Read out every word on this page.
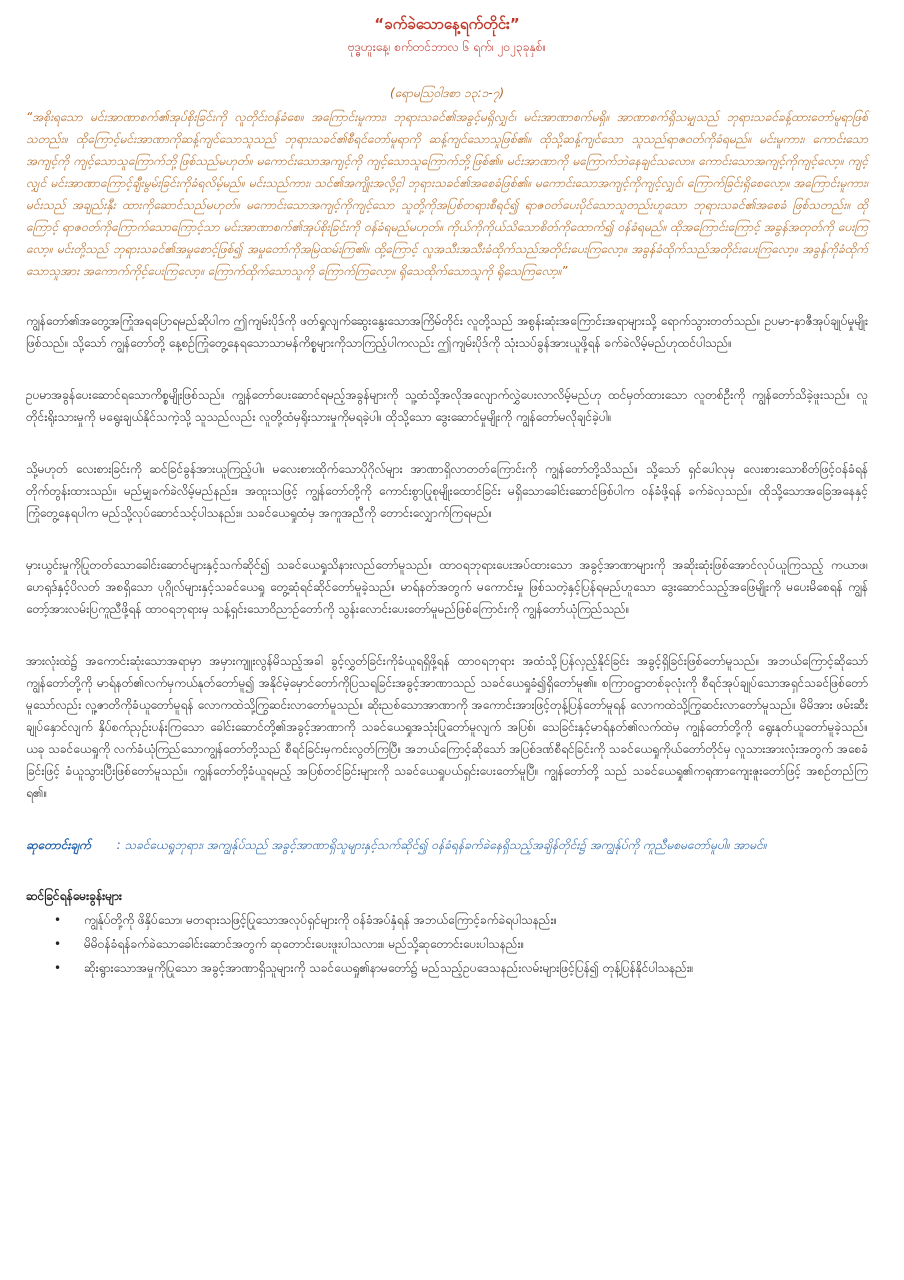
“ခက်ခဲသောနေ့ရက်တိုင်း”

ဗုဒ္ဓဟူးနေ့၊ စက်တင်ဘာလ ၆ ရက်၊ ၂၀၂၃ခုနှစ်။

(ရောမဩဝါဒစာ ၁၃:၁-၇)

“အစိုးရသော မင်းအာဏာစက်၏အုပ်စိုးခြင်းကို လူတိုင်းဝန်ခံစေ။ အကြောင်းမူကား၊ ဘုရားသခင်၏အခွင့်မရှိလျှင်၊ မင်းအာဏာစက်မရှိ။ အာဏာစက်ရှိသမျှသည် ဘုရားသခင်ခန့်ထားတော်မူရာဖြစ်သတည်း။ ထိုကြောင့်မင်းအာဏာကိုဆန့်ကျင်သောသူသည် ဘုရားသခင်၏စီရင်တော်မူရာကို ဆန့်ကျင်သောသူဖြစ်၏။ ထိုသို့ဆန့်ကျင်သော သူသည်ရာဇဝတ်ကိုခံရမည်။ မင်းမူကား၊ ကောင်းသောအကျင့်ကို ကျင့်သောသူကြောက်ဘို့ဖြစ်သည်မဟုတ်။ မကောင်းသောအကျင့်ကို ကျင့်သောသူကြောက်ဘို့ဖြစ်၏။ မင်းအာဏာကို မကြောက်ဘဲနေချင်သလော။ ကောင်းသောအကျင့်ကိုကျင့်လော့။ ကျင့်လျှင် မင်းအာဏာကြောင့်ချီးမွမ်းခြင်းကိုခံရလိမ့်မည်။ မင်းသည်ကား၊ သင်၏အကျိုးအလို့ငှါ ဘုရားသခင်၏အစေခံဖြစ်၏။ မကောင်းသောအကျင့်ကိုကျင့်လျှင်၊ ကြောက်ခြင်းရှိစေလော့။ အကြောင်းမူကား၊ မင်းသည် အချည်းနှီး ထားကိုဆောင်သည်မဟုတ်။ မကောင်းသောအကျင့်ကိုကျင့်သော သူတို့ကိုအပြစ်တရားစီရင်၍ ရာဇဝတ်ပေးပိုင်သောသူတည်းဟူသော ဘုရားသခင်၏အစေခံ ဖြစ်သတည်း။ ထိုကြောင့် ရာဇဝတ်ကိုကြောက်သောကြောင့်သာ မင်းအာဏာစက်၏အုပ်စိုးခြင်းကို ဝန်ခံရမည်မဟုတ်။ ကိုယ်ကိုကိုယ်သိသောစိတ်ကိုထောက်၍ ဝန်ခံရမည်။ ထိုအကြောင်းကြောင့် အခွန်အတုတ်ကို ပေးကြလော့။ မင်းတို့သည် ဘုရားသခင်၏အမှုစောင့်ဖြစ်၍ အမှုတော်ကိုအမြဲထမ်းကြ၏။ ထို့ကြောင့် လူအသီးအသီးခံထိုက်သည်အတိုင်းပေးကြလော့။ အခွန်ခံထိုက်သည်အတိုင်းပေးကြလော့။ အခွန်ကိုခံထိုက်သောသူအား အကောက်ကိုင့်ပေးကြလော့။ ကြောက်ထိုက်သောသူကို ကြောက်ကြလော့။ ရိုသေထိုက်သောသူကို ရိုသေကြလော့။”

ကျွန်တော်၏အတွေ့အကြုံအရပြောရမည်ဆိုပါက ဤကျမ်းပိုဒ်ကို ဖတ်ရှုလျက်ဆွေးနွေးသောအကြိမ်တိုင်း လူတို့သည် အစွန်းဆုံးအကြောင်းအရာများသို့ ရောက်သွားတတ်သည်။ ဥပမာ-နာဇီအုပ်ချုပ်မှုမျိုးဖြစ်သည်။ သို့သော် ကျွန်တော်တို့ နေ့စဉ်ကြုံတွေ့နေရသောသာမန်ကိစ္စများကိုသာကြည့်ပါကလည်း ဤကျမ်းပိုဒ်ကို သုံးသပ်ခွန်အားယူဖို့ရန် ခက်ခဲလိမ့်မည်ဟုထင်ပါသည်။

ဥပမာအခွန်ပေးဆောင်ရသောကိစ္စမျိုးဖြစ်သည်။ ကျွန်တော်ပေးဆောင်ရမည့်အခွန်များကို သူ့ထံသို့အလိုအလျောက်လွှဲပေးလာလိမ့်မည်ဟု ထင်မှတ်ထားသော လူတစ်ဦးကို ကျွန်တော်သိခဲ့ဖူးသည်။ လူတိုင်းရိုးသားမှုကို မရွေးချယ်နိုင်သကဲ့သို့ သူသည်လည်း လူတို့ထံမှရိုးသားမှုကိုမရခဲ့ပါ။ ထိုသို့သော ဒွေးဆောင်မှုမျိုးကို ကျွန်တော်မလိုချင်ခဲ့ပါ။

သို့မဟုတ် လေးစားခြင်းကို ဆင်ခြင်ခွန်အားယူကြည့်ပါ။ မလေးစားထိုက်သောပိုဂိုလ်များ အာဏာရှိလာတတ်ကြောင်းကို ကျွန်တော်တို့သိသည်။ သို့သော် ရှင်ပေါလုမှ လေးစားသောစိတ်ဖြင့်ဝန်ခံရန် တိုက်တွန်းထားသည်။ မည်မျှခက်ခဲလိမ့်မည်နည်း။ အထူးသဖြင့် ကျွန်တော်တို့ကို ကောင်းစွာပြုစုမျိုးထောင်ခြင်း မရှိသောခေါင်းဆောင်ဖြစ်ပါက ဝန်ခံဖို့ရန် ခက်ခဲလှသည်။ ထိုသို့သောအခြေအနေနှင့်ကြုံတွေ့နေရပါက မည်သို့လုပ်ဆောင်သင့်ပါသနည်း။ သခင်ယေရှုထံမှ အကူအညီကို တောင်းလျှောက်ကြရမည်။

မှားယွင်းမှုကိုပြုတတ်သောခေါင်းဆောင်များနှင့်သက်ဆိုင်၍ သခင်ယေရှုသိနားလည်တော်မူသည်။ ထာဝရဘုရားပေးအပ်ထားသော အခွင့်အာဏာများကို အဆိုးဆုံးဖြစ်အောင်လုပ်ယူကြသည့် ကယာဖ၊ ဟေရုဒ်နှင့်ပိလတ် အစရှိသော ပုဂ္ဂိုလ်များနှင့်သခင်ယေရှု တွေ့ဆုံရင်ဆိုင်တော်မူခဲ့သည်။ မာရ်နတ်အတွက် မကောင်းမှု ဖြစ်သတဲ့နှင့်ပြန်ရမည်ဟူသော ဒွေးဆောင်သည့်အဖြေမျိုးကို မပေးမိစေရန် ကျွန်တော့်အားလမ်းပြကူညီဖို့ရန် ထာဝရဘုရားမှ သန့်ရှင်းသောဝိညာဉ်တော်ကို သွန်းလောင်းပေးတော်မူမည်ဖြစ်ကြောင်းကို ကျွန်တော်ယုံကြည်သည်။

အားလုံးထဲ၌ အကောင်းဆုံးသောအရာမှာ အမှားကျူးလွန်မိသည့်အခါ ခွင့်လွှတ်ခြင်းကိုခံယူရရှိဖို့ရန် ထာဝရဘုရား အထံသို့ပြန်လှည့်နိုင်ခြင်း အခွင့်ရှိခြင်းဖြစ်တော်မူသည်။ အဘယ်ကြောင့်ဆိုသော် ကျွန်တော်တို့ကို မာရ်နတ်၏လက်မှကယ်နုတ်တော်မူ၍ အနိုင်မဲ့မှောင်တော်ကိုပြသရခြင်းအခွင့်အာဏာသည် သခင်ယေရှုခံ၍ရှိတော်မူ၏။ စကြာဝဠာတစ်ခုလုံးကို စီရင်အုပ်ချုပ်သောအရှင်သခင်ဖြစ်တော်မူသော်လည်း လူ့ဇာတိကိုခံယူတော်မူရန် လောကထဲသို့ကြွဆင်းလာတော်မူသည်။ ဆိုးညစ်သောအာဏာကို အကောင်းအားဖြင့်တုန့်ပြန်တော်မူရန် လောကထဲသို့ကြွဆင်းလာတော်မူသည်။ မိမိအား ဖမ်းဆီးချုပ်နှောင်လျက် နှိပ်စက်ညှဉ်းပန်းကြသော ခေါင်းဆောင်တို့၏အခွင့်အာဏာကို သခင်ယေရှုအသုံးပြုတော်မူလျက် အပြစ်၊ သေခြင်းနှင့်မာရ်နတ်၏လက်ထဲမှ ကျွန်တော်တို့ကို ရွေးနုတ်ယူတော်မူခဲ့သည်။ ယခု သခင်ယေရှုကို လက်ခံယုံကြည်သောကျွန်တော်တို့သည် စီရင်ခြင်းမှကင်းလွတ်ကြပြီ။ အဘယ်ကြောင့်ဆိုသော် အပြစ်ဒဏ်စီရင်ခြင်းကို သခင်ယေရှုကိုယ်တော်တိုင်မှ လူသားအားလုံးအတွက် အစေခံခြင်းဖြင့် ခံယူသွားပြီးဖြစ်တော်မူသည်။ ကျွန်တော်တို့ခံယူရမည့် အပြစ်တင်ခြင်းများကို သခင်ယေရှုပယ်ရှင်းပေးတော်မူပြီ။ ကျွန်တော်တို့ သည် သခင်ယေရှု၏ကရုဏာကျေးဇူးတော်ဖြင့် အစဉ်တည်ကြရ၏။

ဆုတောင်းချက် : သခင်ယေရှုဘုရား၊ အကျွန်ုပ်သည် အခွင့်အာဏာရှိသူများနှင့်သက်ဆိုင်၍ ဝန်ခံရန်ခက်ခဲနေရှိသည့်အချိန်တိုင်း၌ အကျွန်ုပ်ကို ကူညီမစမတော်မူပါ။ အာမင်။

ဆင်ခြင်ရန်မေးခွန်းများ

• ကျွန်ုပ်တို့ကို ဖိနှိပ်သော၊ မတရားသဖြင့်ပြုသောအလုပ်ရှင်များကို ဝန်ခံအပ်နှံရန် အဘယ်ကြောင့်ခက်ခဲရပါသနည်း။
• မိမိဝန်ခံရန်ခက်ခဲသောခေါင်းဆောင်အတွက် ဆုတောင်းပေးဖူးပါသလား။ မည်သို့ဆုတောင်းပေးပါသနည်း။
• ဆိုးရွားသောအမှုကိုပြုသော အခွင့်အာဏာရှိသူများကို သခင်ယေရှု၏နာမတော်၌ မည်သည့်ဥပဒေသနည်းလမ်းများဖြင့်ပြန်၍ တုန့်ပြန်နိုင်ပါသနည်း။
